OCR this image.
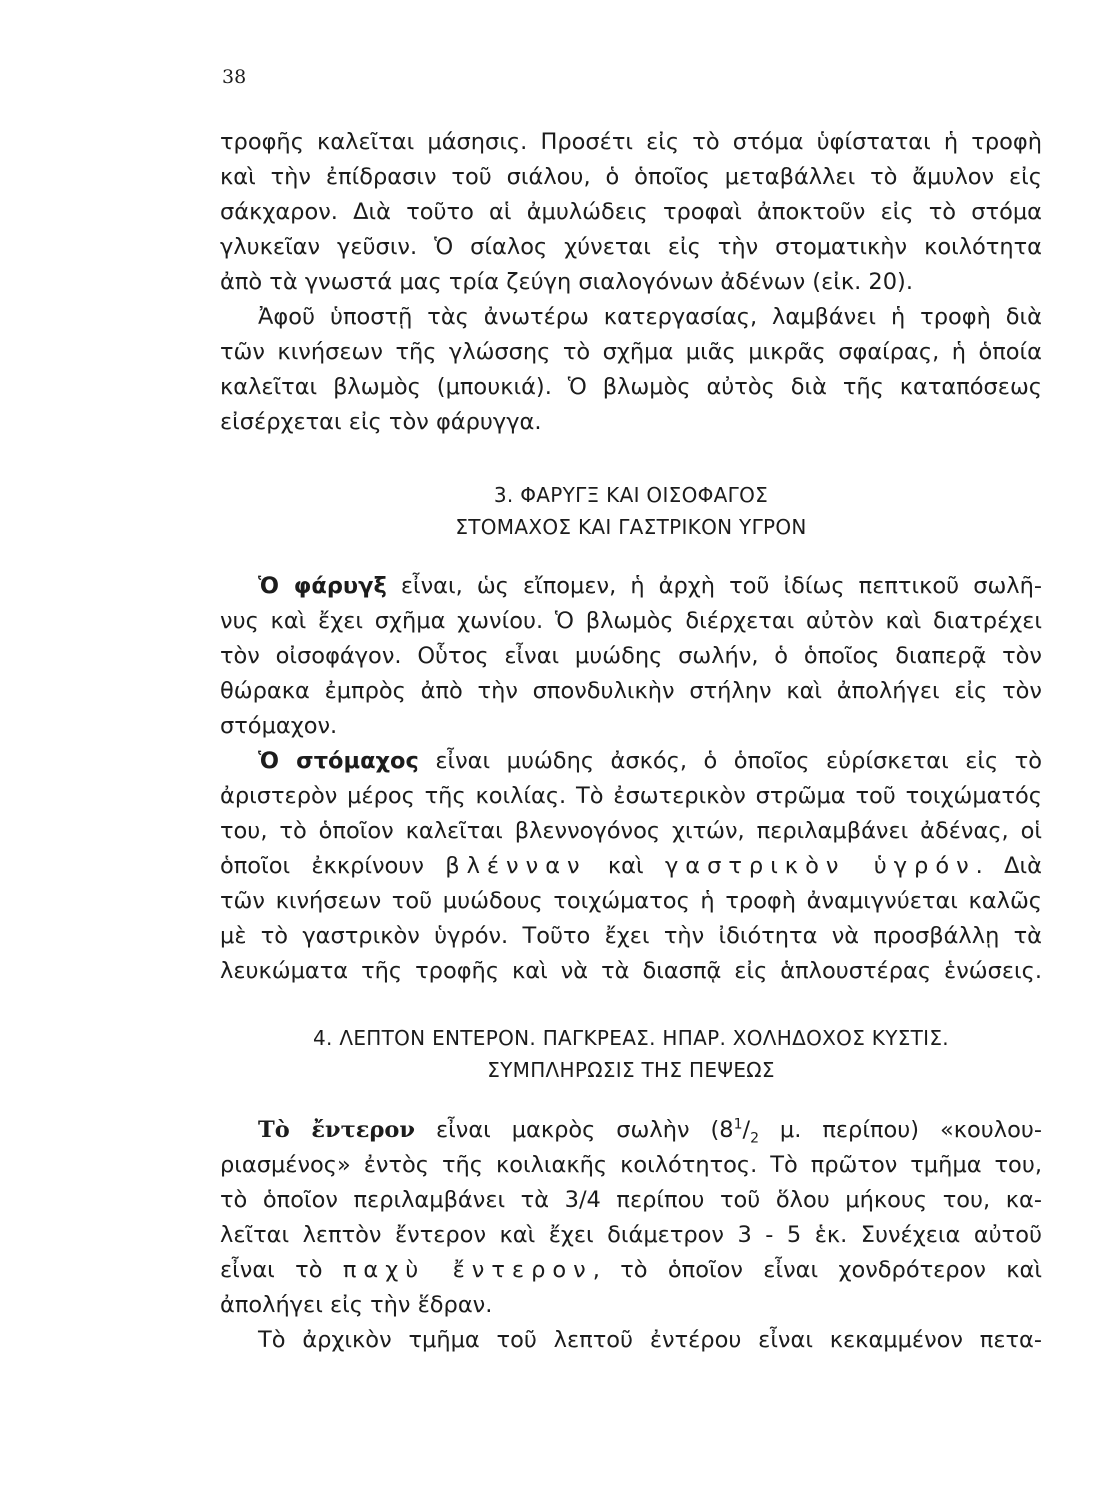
38
τροφῆς καλεῖται μάσησις. Προσέτι εἰς τὸ στόμα ὑφίσταται ἡ τροφὴ
καὶ τὴν ἐπίδρασιν τοῦ σιάλου, ὁ ὁποῖος μεταβάλλει τὸ ἄμυλον εἰς
σάκχαρον. Διὰ τοῦτο αἱ ἀμυλώδεις τροφαὶ ἀποκτοῦν εἰς τὸ στόμα
γλυκεῖαν γεῦσιν. Ὁ σίαλος χύνεται εἰς τὴν στοματικὴν κοιλότητα
ἀπὸ τὰ γνωστά μας τρία ζεύγη σιαλογόνων ἀδένων (εἰκ. 20).
Ἀφοῦ ὑποστῇ τὰς ἀνωτέρω κατεργασίας, λαμβάνει ἡ τροφὴ διὰ
τῶν κινήσεων τῆς γλώσσης τὸ σχῆμα μιᾶς μικρᾶς σφαίρας, ἡ ὁποία
καλεῖται βλωμὸς (μπουκιά). Ὁ βλωμὸς αὐτὸς διὰ τῆς καταπόσεως
εἰσέρχεται εἰς τὸν φάρυγγα.
3. ΦΑΡΥΓΞ ΚΑΙ ΟΙΣΟΦΑΓΟΣ
ΣΤΟΜΑΧΟΣ ΚΑΙ ΓΑΣΤΡΙΚΟΝ ΥΓΡΟΝ
Ὁ φάρυγξ εἶναι, ὡς εἴπομεν, ἡ ἀρχὴ τοῦ ἰδίως πεπτικοῦ σωλῆ-
νυς καὶ ἔχει σχῆμα χωνίου. Ὁ βλωμὸς διέρχεται αὐτὸν καὶ διατρέχει
τὸν οἰσοφάγον. Οὗτος εἶναι μυώδης σωλήν, ὁ ὁποῖος διαπερᾷ τὸν
θώρακα ἐμπρὸς ἀπὸ τὴν σπονδυλικὴν στήλην καὶ ἀπολήγει εἰς τὸν
στόμαχον.
Ὁ στόμαχος εἶναι μυώδης ἀσκός, ὁ ὁποῖος εὑρίσκεται εἰς τὸ
ἀριστερὸν μέρος τῆς κοιλίας. Τὸ ἐσωτερικὸν στρῶμα τοῦ τοιχώματός
του, τὸ ὁποῖον καλεῖται βλεννογόνος χιτών, περιλαμβάνει ἀδένας, οἱ
ὁποῖοι ἐκκρίνουν βλένναν καὶ γαστρικὸν ὑγρόν. Διὰ
τῶν κινήσεων τοῦ μυώδους τοιχώματος ἡ τροφὴ ἀναμιγνύεται καλῶς
μὲ τὸ γαστρικὸν ὑγρόν. Τοῦτο ἔχει τὴν ἰδιότητα νὰ προσβάλλῃ τὰ
λευκώματα τῆς τροφῆς καὶ νὰ τὰ διασπᾷ εἰς ἁπλουστέρας ἑνώσεις.
4. ΛΕΠΤΟΝ ΕΝΤΕΡΟΝ. ΠΑΓΚΡΕΑΣ. ΗΠΑΡ. ΧΟΛΗΔΟΧΟΣ ΚΥΣΤΙΣ.
ΣΥΜΠΛΗΡΩΣΙΣ ΤΗΣ ΠΕΨΕΩΣ
Τὸ ἔντερον εἶναι μακρὸς σωλὴν ($8^1/_2$ μ. περίπου) «κουλου-
ριασμένος» ἐντὸς τῆς κοιλιακῆς κοιλότητος. Τὸ πρῶτον τμῆμα του,
τὸ ὁποῖον περιλαμβάνει τὰ 3/4 περίπου τοῦ ὅλου μήκους του, κα-
λεῖται λεπτὸν ἔντερον καὶ ἔχει διάμετρον 3 - 5 ἑκ. Συνέχεια αὐτοῦ
εἶναι τὸ παχὺ ἔντερον, τὸ ὁποῖον εἶναι χονδρότερον καὶ
ἀπολήγει εἰς τὴν ἕδραν.
Τὸ ἀρχικὸν τμῆμα τοῦ λεπτοῦ ἐντέρου εἶναι κεκαμμένον πετα-
